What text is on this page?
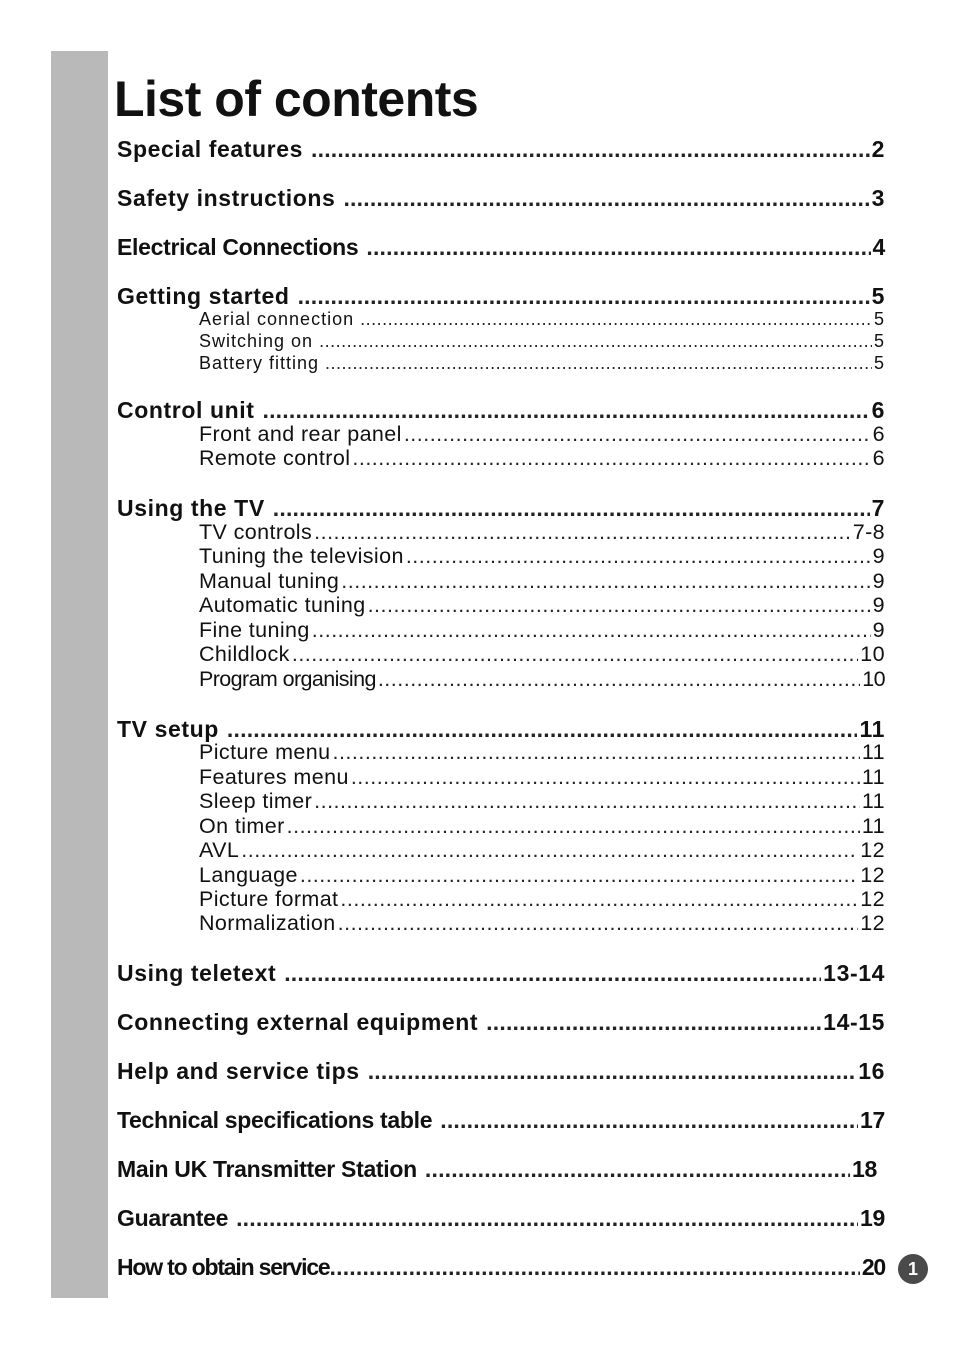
List of contents
Special features .....	2
Safety instructions .....	3
Electrical Connections .....	4
Getting started .....	5
Aerial connection .....	5
Switching on .....	5
Battery fitting .....	5
Control unit .....	6
Front and rear panel .....	6
Remote control .....	6
Using the TV .....	7
TV controls .....	7-8
Tuning the television .....	9
Manual tuning .....	9
Automatic tuning .....	9
Fine tuning .....	9
Childlock .....	10
Program organising .....	10
TV setup .....	11
Picture menu .....	11
Features menu .....	11
Sleep timer .....	11
On timer .....	11
AVL .....	12
Language .....	12
Picture format .....	12
Normalization .....	12
Using teletext .....	13-14
Connecting external equipment .....	14-15
Help and service tips .....	16
Technical specifications table .....	17
Main UK Transmitter Station .....	18
Guarantee .....	19
How to obtain service .....	20	1
